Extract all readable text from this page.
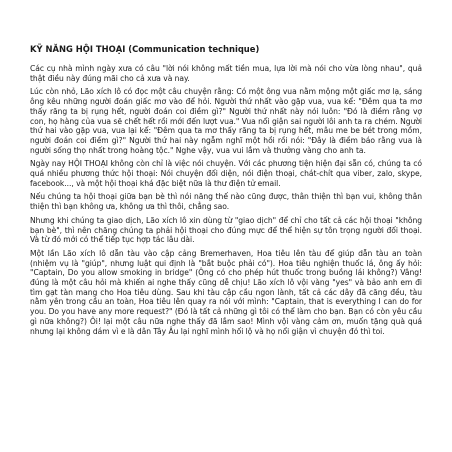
KỸ NĂNG HỘI THOẠI (Communication technique)

Các cụ nhà mình ngày xưa có câu "lời nói không mất tiền mua, lựa lời mà nói cho vừa lòng nhau", quả thật điều này đúng mãi cho cả xưa và nay.

Lúc còn nhỏ, Lão xích lô có đọc một câu chuyện rằng: Có một ông vua nằm mộng một giấc mơ lạ, sáng ông kêu những người đoán giấc mơ vào để hỏi. Người thứ nhất vào gặp vua, vua kể: "Đêm qua ta mơ thấy răng ta bị rụng hết, người đoán coi điềm gì?" Người thứ nhất này nói luôn: "Đó là điềm rằng vợ con, họ hàng của vua sẽ chết hết rồi mới đến lượt vua." Vua nổi giận sai người lôi anh ta ra chém. Người thứ hai vào gặp vua, vua lại kể: "Đêm qua ta mơ thấy răng ta bị rụng hết, mâu me be bét trong mồm, người đoán coi điềm gì?" Người thứ hai này ngẫm nghĩ một hồi rồi nói: "Đây là điềm báo rằng vua là người sống thọ nhất trong hoàng tộc." Nghe vậy, vua vui lắm và thưởng vàng cho anh ta.

Ngày nay HỘI THOẠI không còn chỉ là việc nói chuyện. Với các phương tiện hiện đại sẵn có, chúng ta có quá nhiều phương thức hội thoại: Nói chuyện đối diện, nói điện thoại, chát-chít qua viber, zalo, skype, facebook..., và một hội thoại khá đặc biệt nữa là thư điện tử email.

Nếu chúng ta hội thoại giữa bạn bè thì nói năng thế nào cũng được, thân thiện thì bạn vui, không thân thiện thì bạn không ưa, không ưa thì thôi, chẳng sao.

Nhưng khi chúng ta giao dịch, Lão xích lô xin dùng từ "giao dịch" để chỉ cho tất cả các hội thoại "không bạn bè", thì nên chăng chúng ta phải hội thoại cho đúng mực để thể hiện sự tôn trọng người đối thoại. Và từ đó mới có thể tiếp tục hợp tác lâu dài.

Một lần Lão xích lô dẫn tàu vào cập cảng Bremerhaven, Hoa tiêu lên tàu để giúp dẫn tàu an toàn (nhiệm vụ là "giúp", nhưng luật qui định là "bắt buộc phải có"). Hoa tiêu nghiện thuốc lá, ông ấy hỏi: "Captain, Do you allow smoking in bridge" (Ông có cho phép hút thuốc trong buồng lái không?) Vâng! đúng là một câu hỏi mà khiến ai nghe thấy cũng dễ chịu! Lão xích lô vội vàng "yes" và bảo anh em đi tìm gạt tàn mang cho Hoa tiêu dùng. Sau khi tàu cập cầu ngon lành, tất cả các dây đã căng đều, tàu nằm yên trong cầu an toàn, Hoa tiêu lên quay ra nói với mình: "Captain, that is everything I can do for you. Do you have any more request?" (Đó là tất cả những gì tôi có thể làm cho bạn. Bạn có còn yêu cầu gì nữa không?) Ôi! lại một câu nữa nghe thấy đã lắm sao! Mình vội vàng cảm ơn, muốn tặng quà quá nhưng lại không dám vì e là dân Tây Âu lại nghĩ mình hối lộ và họ nổi giận vì chuyện đó thì toi.
